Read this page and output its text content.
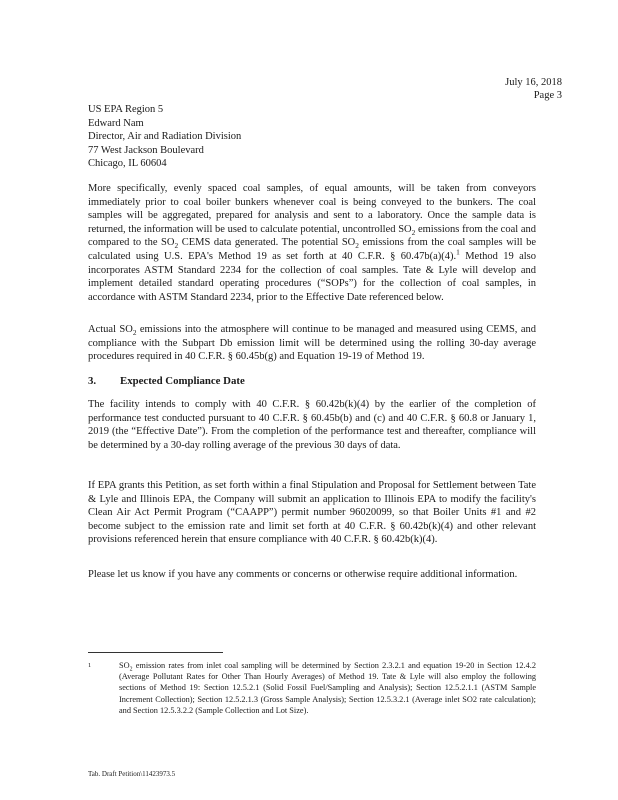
July 16, 2018
Page 3
US EPA Region 5
Edward Nam
Director, Air and Radiation Division
77 West Jackson Boulevard
Chicago, IL 60604
More specifically, evenly spaced coal samples, of equal amounts, will be taken from conveyors immediately prior to coal boiler bunkers whenever coal is being conveyed to the bunkers. The coal samples will be aggregated, prepared for analysis and sent to a laboratory. Once the sample data is returned, the information will be used to calculate potential, uncontrolled $SO_2$ emissions from the coal and compared to the $SO_2$ CEMS data generated. The potential $SO_2$ emissions from the coal samples will be calculated using U.S. EPA's Method 19 as set forth at 40 C.F.R. § 60.47b(a)(4).$^1$ Method 19 also incorporates ASTM Standard 2234 for the collection of coal samples. Tate & Lyle will develop and implement detailed standard operating procedures (“SOPs”) for the collection of coal samples, in accordance with ASTM Standard 2234, prior to the Effective Date referenced below.
Actual $SO_2$ emissions into the atmosphere will continue to be managed and measured using CEMS, and compliance with the Subpart Db emission limit will be determined using the rolling 30-day average procedures required in 40 C.F.R. § 60.45b(g) and Equation 19-19 of Method 19.
3. Expected Compliance Date
The facility intends to comply with 40 C.F.R. § 60.42b(k)(4) by the earlier of the completion of performance test conducted pursuant to 40 C.F.R. § 60.45b(b) and (c) and 40 C.F.R. § 60.8 or January 1, 2019 (the “Effective Date”). From the completion of the performance test and thereafter, compliance will be determined by a 30-day rolling average of the previous 30 days of data.
If EPA grants this Petition, as set forth within a final Stipulation and Proposal for Settlement between Tate & Lyle and Illinois EPA, the Company will submit an application to Illinois EPA to modify the facility's Clean Air Act Permit Program (“CAAPP”) permit number 96020099, so that Boiler Units #1 and #2 become subject to the emission rate and limit set forth at 40 C.F.R. § 60.42b(k)(4) and other relevant provisions referenced herein that ensure compliance with 40 C.F.R. § 60.42b(k)(4).
Please let us know if you have any comments or concerns or otherwise require additional information.
1	$SO_2$ emission rates from inlet coal sampling will be determined by Section 2.3.2.1 and equation 19-20 in Section 12.4.2 (Average Pollutant Rates for Other Than Hourly Averages) of Method 19. Tate & Lyle will also employ the following sections of Method 19: Section 12.5.2.1 (Solid Fossil Fuel/Sampling and Analysis); Section 12.5.2.1.1 (ASTM Sample Increment Collection); Section 12.5.2.1.3 (Gross Sample Analysis); Section 12.5.3.2.1 (Average inlet SO2 rate calculation); and Section 12.5.3.2.2 (Sample Collection and Lot Size).
Tab. Draft Petition\11423973.5
